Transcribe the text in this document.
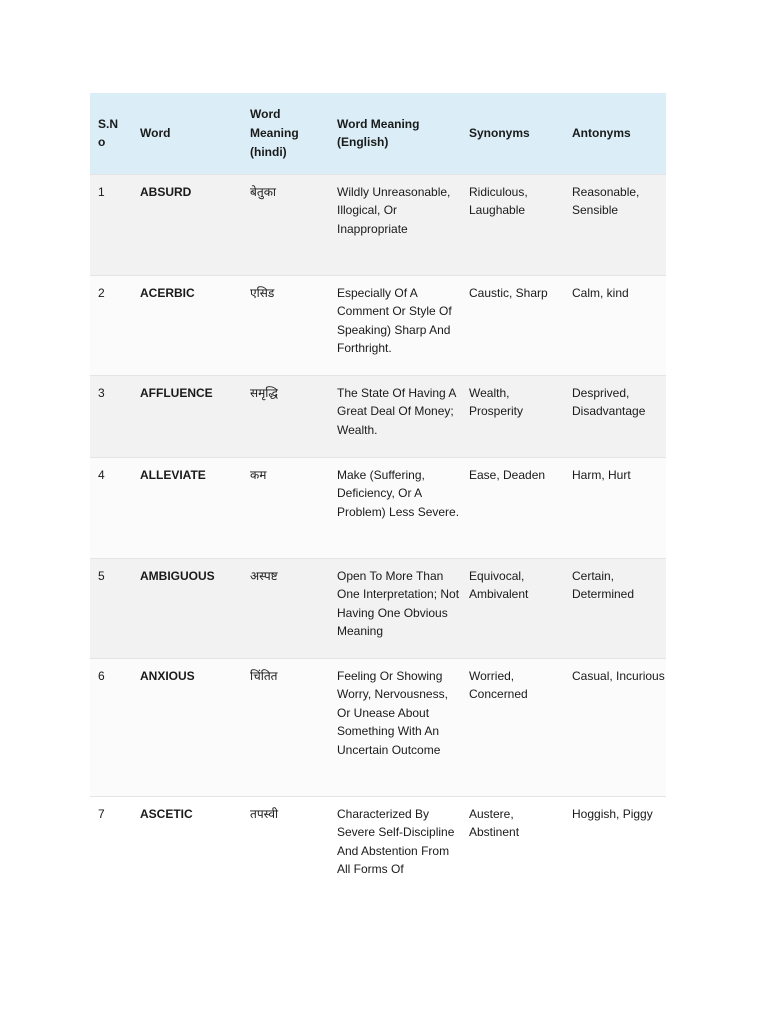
S.N o	Word	Word Meaning (hindi)	Word Meaning (English)	Synonyms	Antonyms
1	ABSURD	बेतुका	Wildly Unreasonable, Illogical, Or Inappropriate	Ridiculous, Laughable	Reasonable, Sensible
2	ACERBIC	एसिड	Especially Of A Comment Or Style Of Speaking) Sharp And Forthright.	Caustic, Sharp	Calm, kind
3	AFFLUENCE	समृद्धि	The State Of Having A Great Deal Of Money; Wealth.	Wealth, Prosperity	Desprived, Disadvantage
4	ALLEVIATE	कम	Make (Suffering, Deficiency, Or A Problem) Less Severe.	Ease, Deaden	Harm, Hurt
5	AMBIGUOUS	अस्पष्ट	Open To More Than One Interpretation; Not Having One Obvious Meaning	Equivocal, Ambivalent	Certain, Determined
6	ANXIOUS	चिंतित	Feeling Or Showing Worry, Nervousness, Or Unease About Something With An Uncertain Outcome	Worried, Concerned	Casual, Incurious
7	ASCETIC	तपस्वी	Characterized By Severe Self-Discipline And Abstention From All Forms Of	Austere, Abstinent	Hoggish, Piggy
